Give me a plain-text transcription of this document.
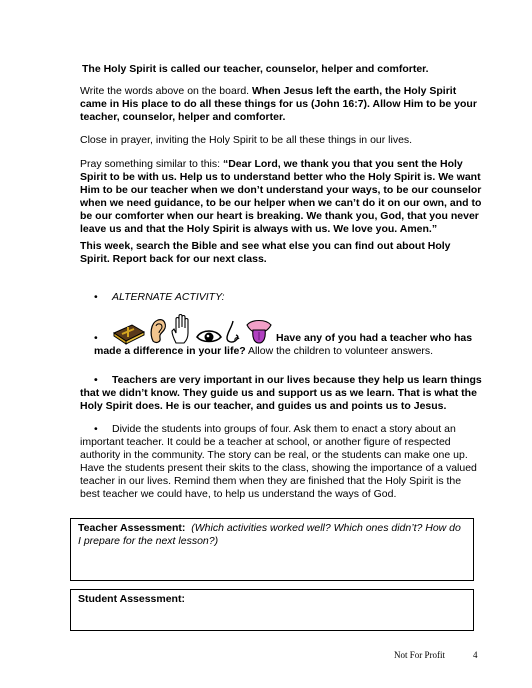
The Holy Spirit is called our teacher, counselor, helper and comforter.

Write the words above on the board. When Jesus left the earth, the Holy Spirit came in His place to do all these things for us (John 16:7). Allow Him to be your teacher, counselor, helper and comforter.

Close in prayer, inviting the Holy Spirit to be all these things in our lives.

Pray something similar to this: “Dear Lord, we thank you that you sent the Holy Spirit to be with us. Help us to understand better who the Holy Spirit is. We want Him to be our teacher when we don’t understand your ways, to be our counselor when we need guidance, to be our helper when we can’t do it on our own, and to be our comforter when our heart is breaking. We thank you, God, that you never leave us and that the Holy Spirit is always with us. We love you. Amen.”

This week, search the Bible and see what else you can find out about Holy Spirit. Report back for our next class.

• ALTERNATE ACTIVITY:
•	Have any of you had a teacher who has made a difference in your life? Allow the children to volunteer answers.

• Teachers are very important in our lives because they help us learn things that we didn’t know. They guide us and support us as we learn. That is what the Holy Spirit does. He is our teacher, and guides us and points us to Jesus.

• Divide the students into groups of four. Ask them to enact a story about an important teacher. It could be a teacher at school, or another figure of respected authority in the community. The story can be real, or the students can make one up. Have the students present their skits to the class, showing the importance of a valued teacher in our lives. Remind them when they are finished that the Holy Spirit is the best teacher we could have, to help us understand the ways of God.

Teacher Assessment: (Which activities worked well? Which ones didn’t? How do I prepare for the next lesson?)
Student Assessment:
Not For Profit	4
